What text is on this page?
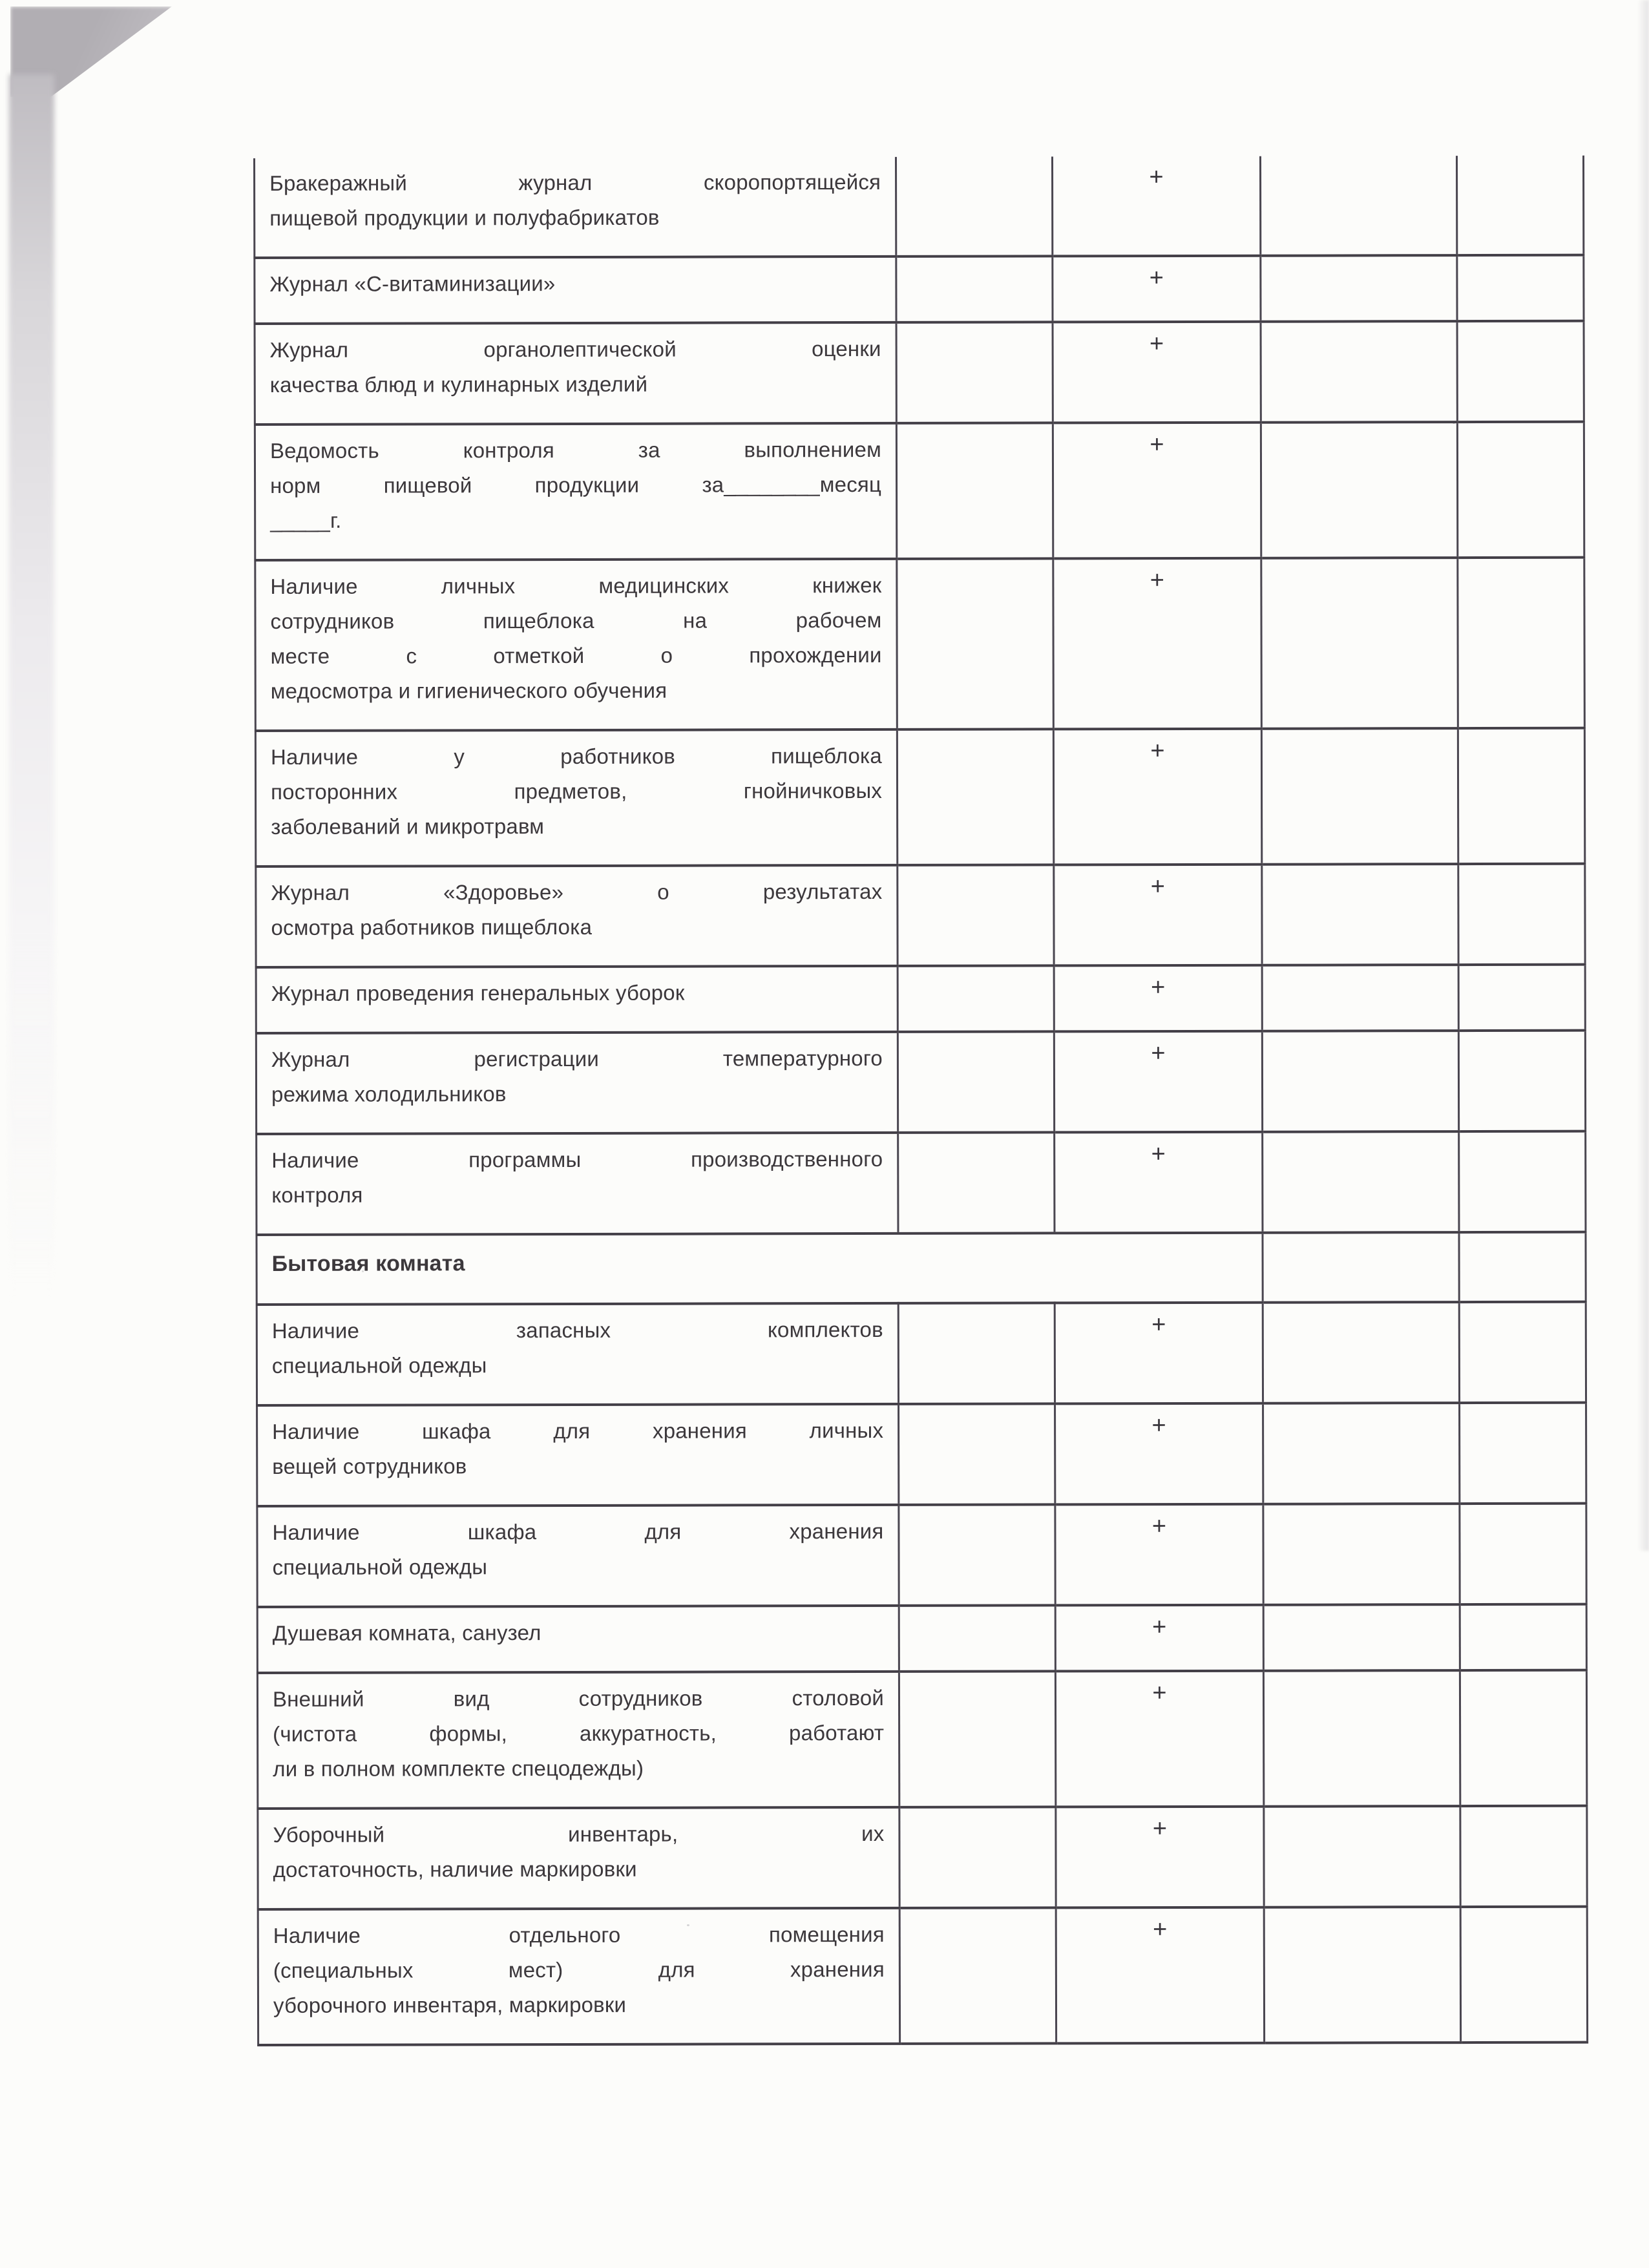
Бракеражный журнал скоропортящейся
пищевой продукции и полуфабрикатов		+		

Журнал «С-витаминизации»		+		

Журнал органолептической оценки
качества блюд и кулинарных изделий		+		

Ведомость контроля за выполнением
норм пищевой продукции за________месяц
_____г.		+		

Наличие личных медицинских книжек
сотрудников пищеблока на рабочем
месте с отметкой о прохождении
медосмотра и гигиенического обучения		+		

Наличие у работников пищеблока
посторонних предметов, гнойничковых
заболеваний и микротравм		+		

Журнал «Здоровье» о результатах
осмотра работников пищеблока		+		

Журнал проведения генеральных уборок		+		

Журнал регистрации температурного
режима холодильников		+		

Наличие программы производственного
контроля		+		

Бытовая комната				

Наличие запасных комплектов
специальной одежды		+		

Наличие шкафа для хранения личных
вещей сотрудников		+		

Наличие шкафа для хранения
специальной одежды		+		

Душевая комната, санузел		+		

Внешний вид сотрудников столовой
(чистота формы, аккуратность, работают
ли в полном комплекте спецодежды)		+		

Уборочный инвентарь, их
достаточность, наличие маркировки		+		

Наличие отдельного помещения
(специальных мест) для хранения
уборочного инвентаря, маркировки		+		
